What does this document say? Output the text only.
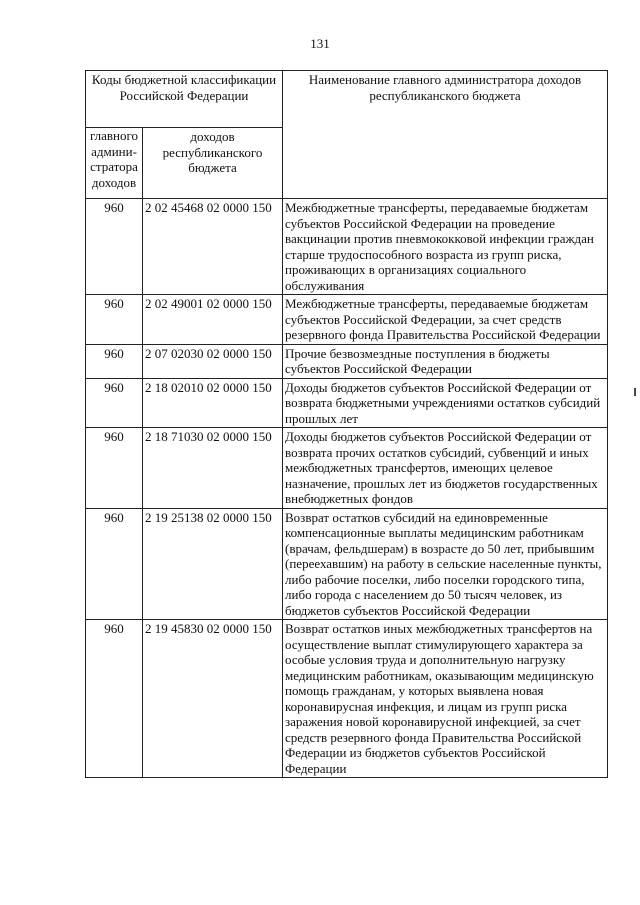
131
Коды бюджетной классификации Российской Федерации		Наименование главного администратора доходов республиканского бюджета
главного админи-стратора доходов	доходов республиканского бюджета	
960	2 02 45468 02 0000 150	Межбюджетные трансферты, передаваемые бюджетам субъектов Российской Федерации на проведение вакцинации против пневмококковой инфекции граждан старше трудоспособного возраста из групп риска, проживающих в организациях социального обслуживания
960	2 02 49001 02 0000 150	Межбюджетные трансферты, передаваемые бюджетам субъектов Российской Федерации, за счет средств резервного фонда Правительства Российской Федерации
960	2 07 02030 02 0000 150	Прочие безвозмездные поступления в бюджеты субъектов Российской Федерации
960	2 18 02010 02 0000 150	Доходы бюджетов субъектов Российской Федерации от возврата бюджетными учреждениями остатков субсидий прошлых лет
960	2 18 71030 02 0000 150	Доходы бюджетов субъектов Российской Федерации от возврата прочих остатков субсидий, субвенций и иных межбюджетных трансфертов, имеющих целевое назначение, прошлых лет из бюджетов государственных внебюджетных фондов
960	2 19 25138 02 0000 150	Возврат остатков субсидий на единовременные компенсационные выплаты медицинским работникам (врачам, фельдшерам) в возрасте до 50 лет, прибывшим (переехавшим) на работу в сельские населенные пункты, либо рабочие поселки, либо поселки городского типа, либо города с населением до 50 тысяч человек, из бюджетов субъектов Российской Федерации
960	2 19 45830 02 0000 150	Возврат остатков иных межбюджетных трансфертов на осуществление выплат стимулирующего характера за особые условия труда и дополнительную нагрузку медицинским работникам, оказывающим медицинскую помощь гражданам, у которых выявлена новая коронавирусная инфекция, и лицам из групп риска заражения новой коронавирусной инфекцией, за счет средств резервного фонда Правительства Российской Федерации из бюджетов субъектов Российской Федерации
